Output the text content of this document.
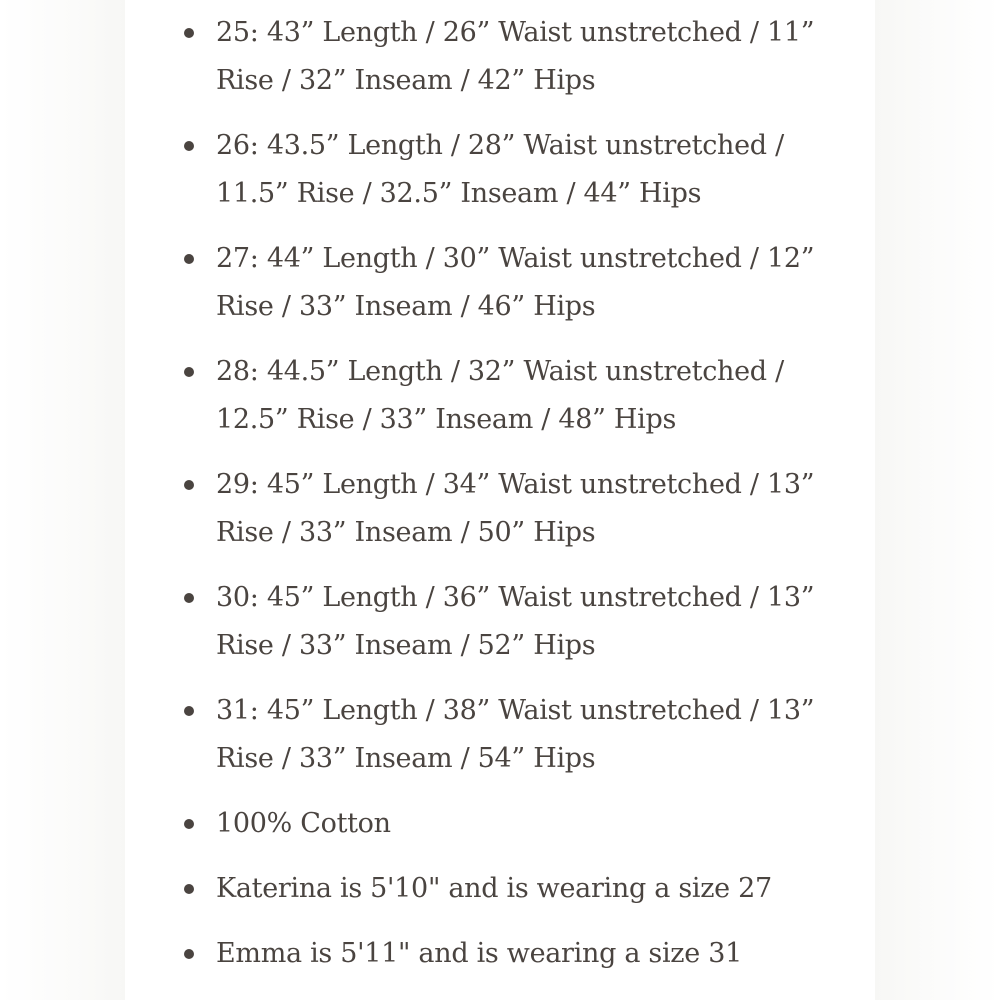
25: 43” Length / 26” Waist unstretched / 11” Rise / 32” Inseam / 42” Hips
26: 43.5” Length / 28” Waist unstretched / 11.5” Rise / 32.5” Inseam / 44” Hips
27: 44” Length / 30” Waist unstretched / 12” Rise / 33” Inseam / 46” Hips
28: 44.5” Length / 32” Waist unstretched / 12.5” Rise / 33” Inseam / 48” Hips
29: 45” Length / 34” Waist unstretched / 13” Rise / 33” Inseam / 50” Hips
30: 45” Length / 36” Waist unstretched / 13” Rise / 33” Inseam / 52” Hips
31: 45” Length / 38” Waist unstretched / 13” Rise / 33” Inseam / 54” Hips
100% Cotton
Katerina is 5'10" and is wearing a size 27
Emma is 5'11" and is wearing a size 31
